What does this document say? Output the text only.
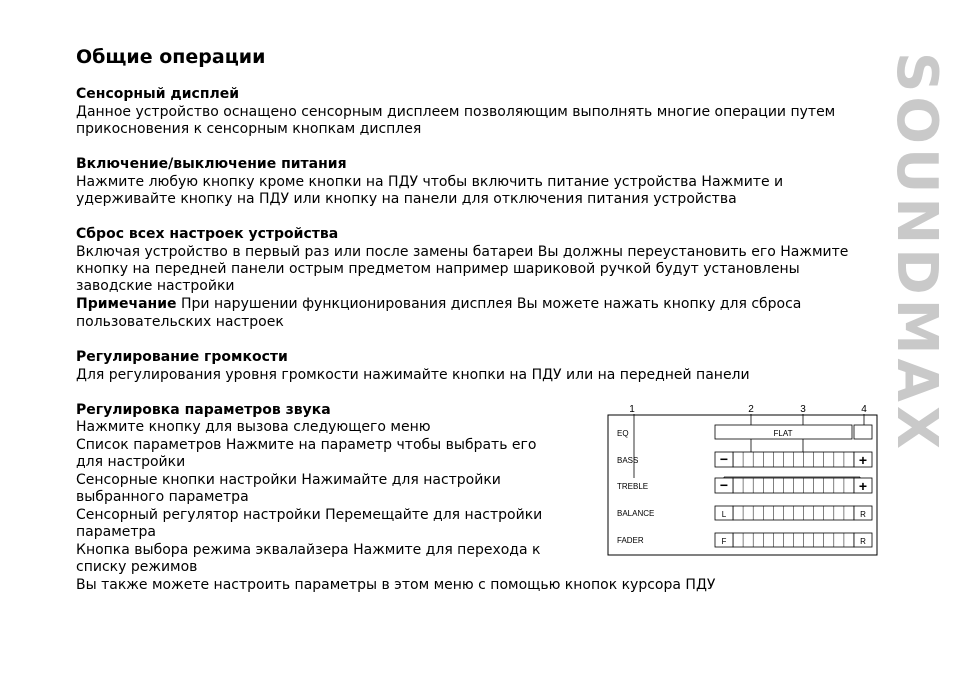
Общие операции
Сенсорный дисплей
Данное устройство оснащено сенсорным дисплеем позволяющим выполнять многие операции путем
прикосновения к сенсорным кнопкам дисплея
Включение/выключение питания
Нажмите любую кнопку кроме кнопки на ПДУ чтобы включить питание устройства Нажмите и
удерживайте кнопку на ПДУ или кнопку на панели для отключения питания устройства
Сброс всех настроек устройства
Включая устройство в первый раз или после замены батареи Вы должны переустановить его Нажмите
кнопку на передней панели острым предметом например шариковой ручкой будут установлены
заводские настройки
Примечание При нарушении функционирования дисплея Вы можете нажать кнопку для сброса
пользовательских настроек
Регулирование громкости
Для регулирования уровня громкости нажимайте кнопки на ПДУ или на передней панели
Регулировка параметров звука
Нажмите кнопку для вызова следующего меню
Список параметров Нажмите на параметр чтобы выбрать его
для настройки
Сенсорные кнопки настройки Нажимайте для настройки
выбранного параметра
Сенсорный регулятор настройки Перемещайте для настройки
параметра
Кнопка выбора режима эквалайзера Нажмите для перехода к
списку режимов
Вы также можете настроить параметры в этом меню с помощью кнопок курсора ПДУ
1	2	3	4
EQ
BASS
TREBLE
BALANCE
FADER
FLAT
−	+
−	+
L	R
F	R
SOUNDMAX
